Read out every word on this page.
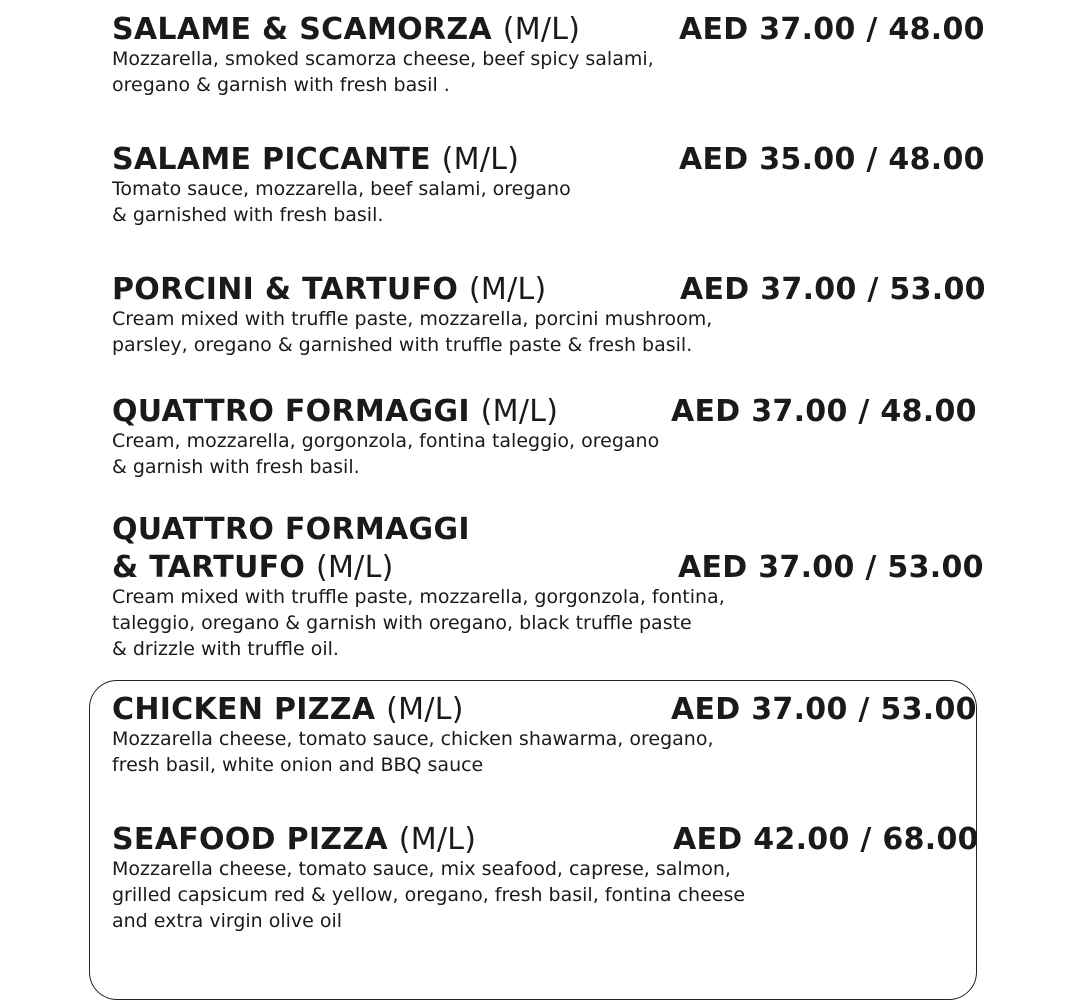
SALAME & SCAMORZA (M/L)

Mozzarella, smoked scamorza cheese, beef spicy salami,

oregano & garnish with fresh basil .

AED 37.00 / 48.00

SALAME PICCANTE (M/L)

Tomato sauce, mozzarella, beef salami, oregano

& garnished with fresh basil.

AED 35.00 / 48.00

PORCINI & TARTUFO (M/L)

Cream mixed with truffle paste, mozzarella, porcini mushroom,

parsley, oregano & garnished with truffle paste & fresh basil.

AED 37.00 / 53.00

QUATTRO FORMAGGI (M/L)

Cream, mozzarella, gorgonzola, fontina taleggio, oregano

& garnish with fresh basil.

AED 37.00 / 48.00

QUATTRO FORMAGGI

& TARTUFO (M/L)

Cream mixed with truffle paste, mozzarella, gorgonzola, fontina,

taleggio, oregano & garnish with oregano, black truffle paste

& drizzle with truffle oil.

AED 37.00 / 53.00

CHICKEN PIZZA (M/L)

Mozzarella cheese, tomato sauce, chicken shawarma, oregano,

fresh basil, white onion and BBQ sauce

AED 37.00 / 53.00

SEAFOOD PIZZA (M/L)

Mozzarella cheese, tomato sauce, mix seafood, caprese, salmon,

grilled capsicum red & yellow, oregano, fresh basil, fontina cheese

and extra virgin olive oil

AED 42.00 / 68.00
